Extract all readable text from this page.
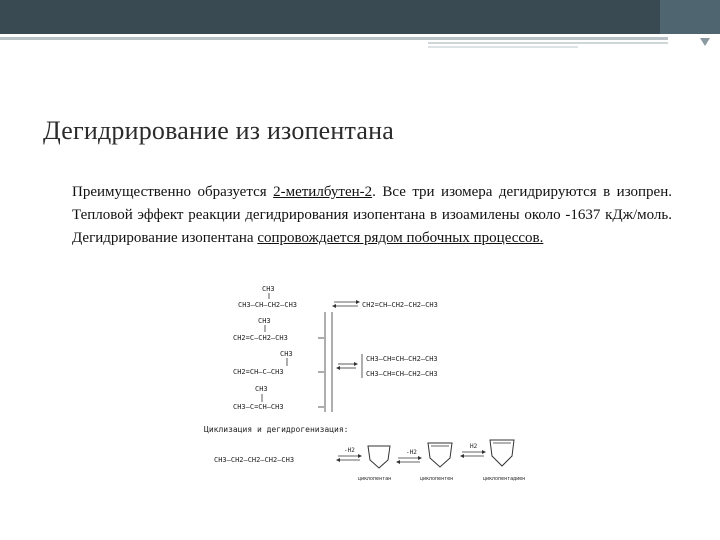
Дегидрирование из изопентана

Преимущественно образуется 2-метилбутен-2. Все три изомера дегидрируются в изопрен. Тепловой эффект реакции дегидрирования изопентана в изоамилены около -1637 кДж/моль. Дегидрирование изопентана сопровождается рядом побочных процессов.

CH3
CH3—CH—CH2—CH3	CH2=CH—CH2—CH2—CH3
CH3
CH2=C—CH2—CH3
CH3
CH2=CH—C—CH3
CH3—C=CH—CH3
CH3
CH3—CH=CH—CH2—CH3
CH3—CH=CH—CH2—CH3
Циклизация и дегидрогенизация:
CH3—CH2—CH2—CH2—CH3
-H2
циклопентан
-H2
циклопентен
H2
циклопентадиен
